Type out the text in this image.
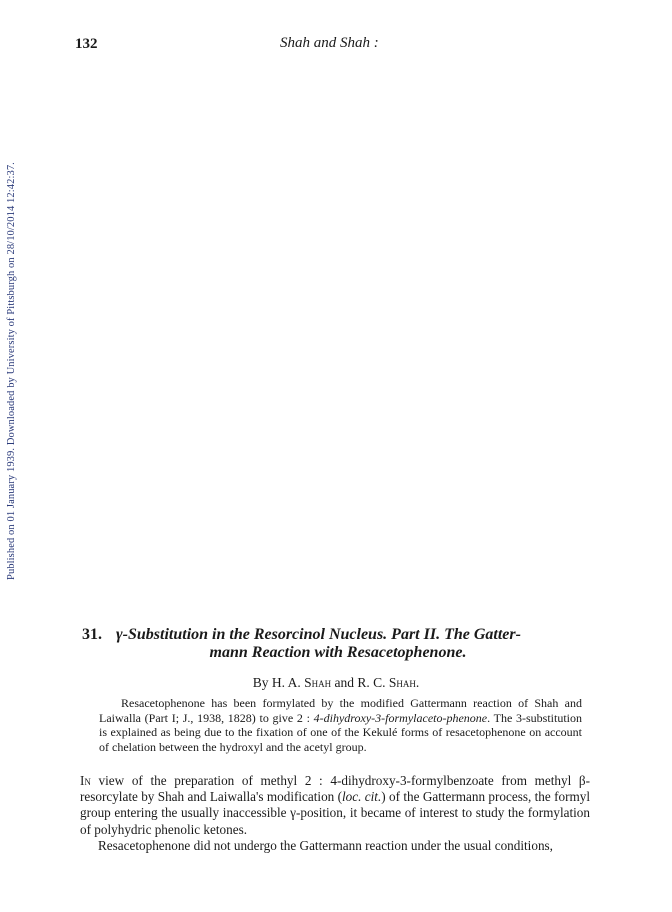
132	Shah and Shah :
Published on 01 January 1939. Downloaded by University of Pittsburgh on 28/10/2014 12:42:37.
31. γ-Substitution in the Resorcinol Nucleus. Part II. The Gatter-
mann Reaction with Resacetophenone.
By H. A. Shah and R. C. Shah.

Resacetophenone has been formylated by the modified Gattermann reaction of Shah and Laiwalla (Part I; J., 1938, 1828) to give 2 : 4-dihydroxy-3-formylaceto-phenone. The 3-substitution is explained as being due to the fixation of one of the Kekulé forms of resacetophenone on account of chelation between the hydroxyl and the acetyl group.

In view of the preparation of methyl 2 : 4-dihydroxy-3-formylbenzoate from methyl β-resorcylate by Shah and Laiwalla's modification (loc. cit.) of the Gattermann process, the formyl group entering the usually inaccessible γ-position, it became of interest to study the formylation of polyhydric phenolic ketones.

Resacetophenone did not undergo the Gattermann reaction under the usual conditions,
